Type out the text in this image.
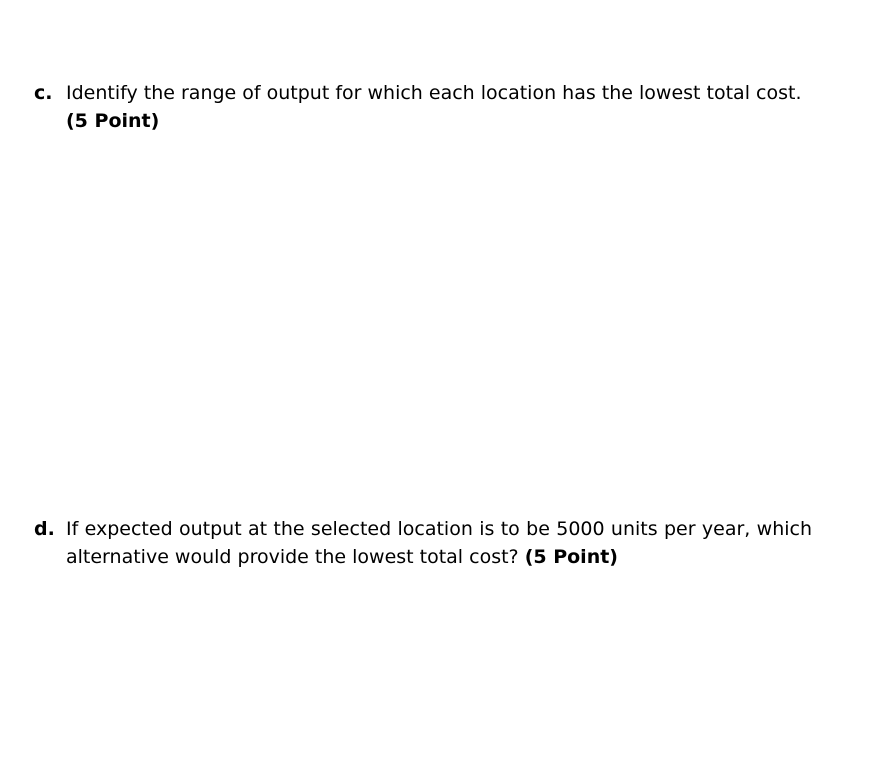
c. Identify the range of output for which each location has the lowest total cost.
(5 Point)
d. If expected output at the selected location is to be 5000 units per year, which alternative would provide the lowest total cost? (5 Point)
